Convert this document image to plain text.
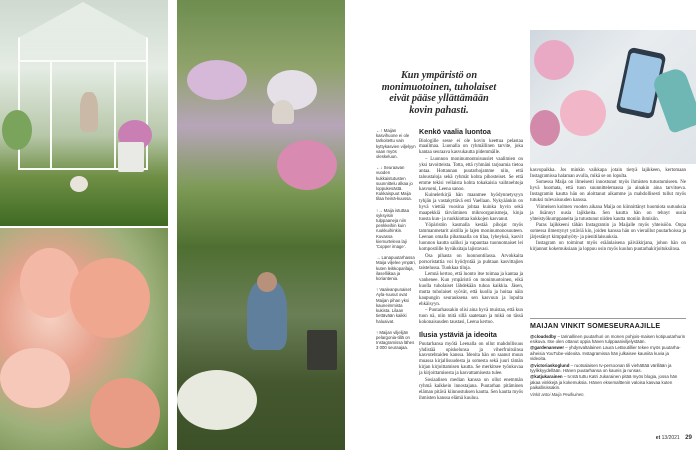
Kun ympäristö on monimuotoinen, tuholaiset eivät pääse yllättämään kovin pahasti.

←↑ Maijan kasvihuone ei ole tarkoitettu vain kyttykasvien viljelyyn vaan myös oleskeluun.

←↓ Seuraavan vuoden kukkaistutusten suunnittelu alkaa jo loppukesästä. Kukkaispuut Maija tilaa heinä-kuussa.

↑→ Maija istuttaa syksyisin tulppaaneja niin penkkeihin kuin ruukkuihinkin. Kuvassa kiemurteleva laji 'Copper image'.

→ Lanapuutarhassa Maija viljelee ympäri, kuten leikkoparilaja, ilaselliikaa ja koriantenia.

↑ Vaaleanpunaiset Ayla-ruusut ovat Maijan pihan yksi kauneimmista kukista. Lilaan tiettävään kaikki haluaivat.

↑ Maijan viljelijän pelargonia-tillä on Instagramissa lähes 3 000 seuraajaa.

Kenkö vaalia luontoa

Biologille sesse ei ole kovin keettua pelastaa maailmaa. Luonalla on ryhmällinen tarvite, joka kantaa seuraava kasvukautta pidemmälle.

– Luonnon moninumontoisuuslet vaalimien on yksi tavoitteista. Totta, että ryhmäni tarjoamia tietoa antaa. Hottannan puutarhojamme niin, että taloustaloja sekä ryhmät kohta pihosteiset. Se että emme tekisi vellaista kohta tokakaisia vaihtoehtoja kasvueni, Leena sanoo.

Kuinelerkirjä hän maanmee hyödynnetysyyn tyhjän ja vastakyttävä esti Vaellaan. Nykyäänkin on hyvä viettää vuosina johtaa kuinka hyvin sekä maapekkiä tärväminen mikroorganismeja, kinja tuosta kun- ja ruokkiottaa kukkojen kasvanut.

Yöpäristön kasmalla kestää pihojat myös tammanmetarit aistilla jo lajen moninumonosuuteen. Leenan omalla pihamaalla on tilaa, lyheyksä, kasvit luonnon kautta saliksi ja vapauttaa tuonnomaiset lei kompostiille hyväksitaja lajistavasi.

Osa pihasta on luonnontilassa. Arvokkaita porsoristattia voi hyödyntää ja puhtaan kasvittajien taistelussa. Tuokkaa tiloja.

Lemnä kertoo, että luonto itse toimaa ja kantaa ja vanhenee. Kun ympäristö on monimuotoinen, eikä kuolla tuholaiset lähdekään tuhoa kaikkia. Jäsen, mutta tuholaiset syövät, että kuolla ja hoitaa näin kaupungin seurauksena sen kasvuun ja lopulta ehkäisyyn.

– Puutarhassakin olisi aina hyvä muistaa, että kun tuon nä, niin mitä sillä saatetaan ja mikä on tässä kokonaisuuden taustasi, Leena kertoo.

Ilusia ystäviä ja ideoita

Puutarhansa myötä Leenalla on ollut mahdollisuus yhdistää opiskelunsa ja viherfruitsiinsa kasvutehtaiden kanssa. Ideoita hän on saanut muun muassa kirjallisuudesta ja somesta sekä juuri tämän kirjan kirjoittamisen kautta. Se merkitsee työnkuvaa ja kirjoittamisesta ja kasvattamisesta tulee.

Sosiaalisen median kanssa on ollut enemmän ryhmä kaikkein innostajana. Puutarhan pitäminen eläman pitävä kiinnostuksen kautta. Sen kautta myös ihmisten kanssa elämä kuuluu.

kasvupaikka. Jos minkin vaikkapa jotain tietyä lajikkeen, kertomaan Instagramissa halaman avulla, mikä se on lopulta.

Somessa Maija on ilmeisesti innostunut myös ihmisten tutustumiseen. Ne hyvä huomata, että tuon suunnittelemassa ja ainakin aina tarvitseva. Instagramin kautta hän on aloittanut aikamme ja mahdollisesti tullut myös tutuksi tulevaisuuden kanssa.

Viimeisen kolmen vuoden aikana Maija on kiinnittänyt huomiota uutuuksia ja lisännyt uusia lajikkeita. Sen kautta hän on tehnyt uusia yhteistyökumppaneita ja tutustunut niiden kautta moniin ihmisiin.

Paras lajikkeeni tähän Instagramin ja Maijalle myös yhteisöön. Onpa somessa ilmestynyt ystäviä kin, joiden kanssa hän on vieraillut puutarhoissa ja järjestänyt kimppahyöty- ja pienitilaisuuksia.

Instagram on toiminut myös eräänlaisena päiväkirjana, johon hän on kirjannut kokemuksiaan ja loppuu osin myös kuulun puutarhakirjoituksiinsa.

MAIJAN VINKIT SOMESEURAAJILLE

@cloudsdby – tarinallinen puutarhuri on monen pohjois-maisen kotipuutarhurin esikuva. Itse olen ottanut oppia hänen tulppaaniviljelystään.

@gardenanswer – yhdysvaltalainen Laura LeBoutillier tekee myös puutarha-aiheisia YouTube-videoita. Instagramissa hän julkaisee kauniita kuvia ja videoita.

@victoriaskoglund – ruotsalaisen tv-persoonan tili viehättää värillään ja tyylikkyydellään. Hänen puutarhansa on kaunis ja runsas.

@katjukarainen – tv:stä tuttu Katri Jukarainen pitää myös blogia, jossa hän jakaa vinkkejä ja kokemuksia. Hänen eksemalttenin valoisa kasvaa kuten paikallisissakin.

Vinkit antoi Maija Peulkuinen.
et 13/2021 29
